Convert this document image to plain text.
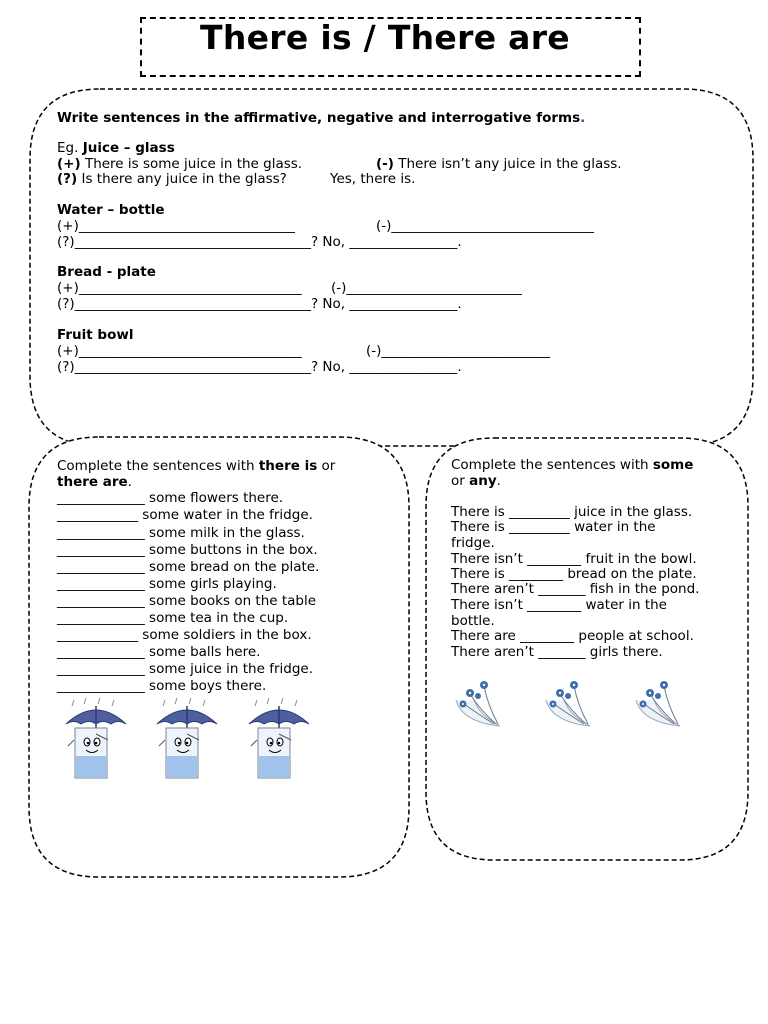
There is / There are
Write sentences in the affirmative, negative and interrogative forms.
Eg. Juice – glass
(+) There is some juice in the glass.	(-) There isn’t any juice in the glass.
(?) Is there any juice in the glass?	Yes, there is.
Water – bottle
(+)________________________________	(-)______________________________
(?)___________________________________? No, ________________.
Bread - plate
(+)_________________________________ (-)__________________________
(?)___________________________________? No, ________________.
Fruit bowl
(+)_________________________________	(-)_________________________
(?)___________________________________? No, ________________.
Complete the sentences with there is or
there are.
_____________ some flowers there.
____________ some water in the fridge.
_____________ some milk in the glass.
_____________ some buttons in the box.
_____________ some bread on the plate.
_____________ some girls playing.
_____________ some books on the table
_____________ some tea in the cup.
____________ some soldiers in the box.
_____________ some balls here.
_____________ some juice in the fridge.
_____________ some boys there.
Complete the sentences with some
or any.
There is _________ juice in the glass.
There is _________ water in the
fridge.
There isn’t ________ fruit in the bowl.
There is ________ bread on the plate.
There aren’t _______ fish in the pond.
There isn’t ________ water in the
bottle.
There are ________ people at school.
There aren’t _______ girls there.
